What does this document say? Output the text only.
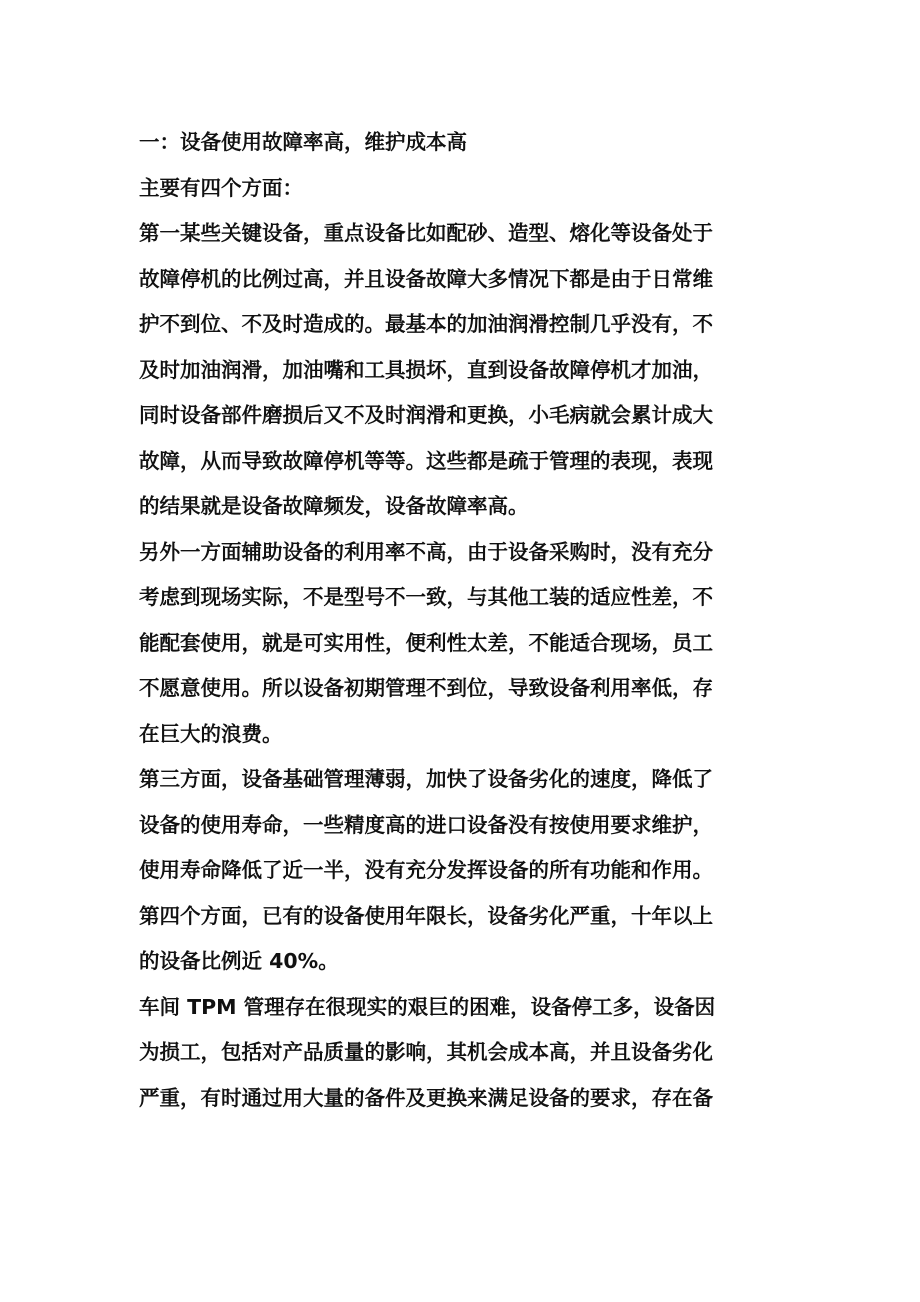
一：设备使用故障率高，维护成本高
主要有四个方面：
第一某些关键设备，重点设备比如配砂、造型、熔化等设备处于
故障停机的比例过高，并且设备故障大多情况下都是由于日常维
护不到位、不及时造成的。最基本的加油润滑控制几乎没有，不
及时加油润滑，加油嘴和工具损坏，直到设备故障停机才加油，
同时设备部件磨损后又不及时润滑和更换，小毛病就会累计成大
故障，从而导致故障停机等等。这些都是疏于管理的表现，表现
的结果就是设备故障频发，设备故障率高。
另外一方面辅助设备的利用率不高，由于设备采购时，没有充分
考虑到现场实际，不是型号不一致，与其他工装的适应性差，不
能配套使用，就是可实用性，便利性太差，不能适合现场，员工
不愿意使用。所以设备初期管理不到位，导致设备利用率低，存
在巨大的浪费。
第三方面，设备基础管理薄弱，加快了设备劣化的速度，降低了
设备的使用寿命，一些精度高的进口设备没有按使用要求维护，
使用寿命降低了近一半，没有充分发挥设备的所有功能和作用。
第四个方面，已有的设备使用年限长，设备劣化严重，十年以上
的设备比例近 40%。
车间 TPM 管理存在很现实的艰巨的困难，设备停工多，设备因
为损工，包括对产品质量的影响，其机会成本高，并且设备劣化
严重，有时通过用大量的备件及更换来满足设备的要求，存在备
